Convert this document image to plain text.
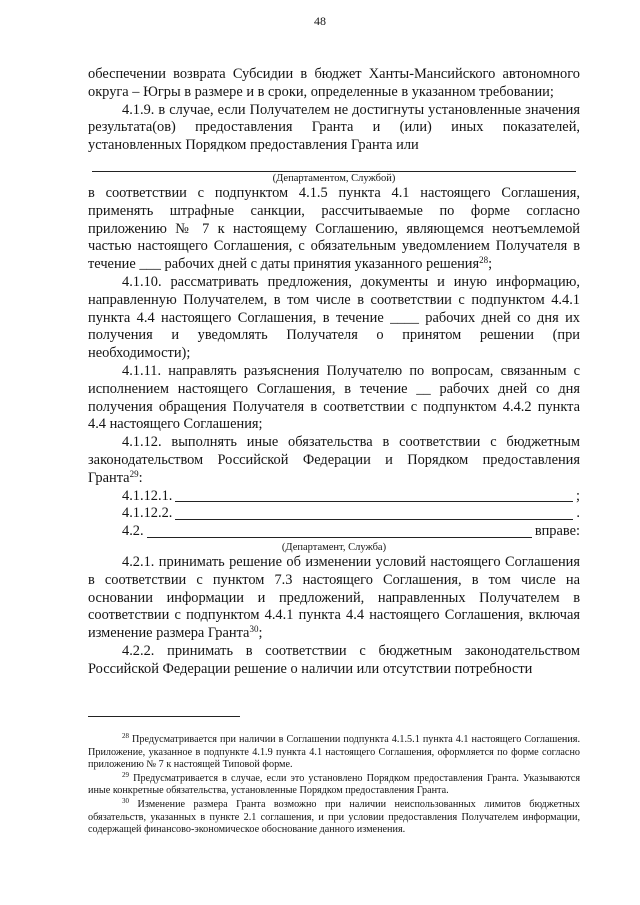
48

обеспечении возврата Субсидии в бюджет Ханты-Мансийского автономного округа – Югры в размере и в сроки, определенные в указанном требовании;

4.1.9. в случае, если Получателем не достигнуты установленные значения результата(ов) предоставления Гранта и (или) иных показателей, установленных Порядком предоставления Гранта или

(Департаментом, Службой)

в соответствии с подпунктом 4.1.5 пункта 4.1 настоящего Соглашения, применять штрафные санкции, рассчитываемые по форме согласно приложению № 7 к настоящему Соглашению, являющемся неотъемлемой частью настоящего Соглашения, с обязательным уведомлением Получателя в течение ___ рабочих дней с даты принятия указанного решения$^{28}$;

4.1.10. рассматривать предложения, документы и иную информацию, направленную Получателем, в том числе в соответствии с подпунктом 4.4.1 пункта 4.4 настоящего Соглашения, в течение ____ рабочих дней со дня их получения и уведомлять Получателя о принятом решении (при необходимости);

4.1.11. направлять разъяснения Получателю по вопросам, связанным с исполнением настоящего Соглашения, в течение __ рабочих дней со дня получения обращения Получателя в соответствии с подпунктом 4.4.2 пункта 4.4 настоящего Соглашения;

4.1.12. выполнять иные обязательства в соответствии с бюджетным законодательством Российской Федерации и Порядком предоставления Гранта$^{29}$:

4.1.12.1.	;
4.1.12.2.	.
4.2.	вправе:
(Департамент, Служба)

4.2.1. принимать решение об изменении условий настоящего Соглашения в соответствии с пунктом 7.3 настоящего Соглашения, в том числе на основании информации и предложений, направленных Получателем в соответствии с подпунктом 4.4.1 пункта 4.4 настоящего Соглашения, включая изменение размера Гранта$^{30}$;

4.2.2. принимать в соответствии с бюджетным законодательством Российской Федерации решение о наличии или отсутствии потребности

$^{28}$ Предусматривается при наличии в Соглашении подпункта 4.1.5.1 пункта 4.1 настоящего Соглашения. Приложение, указанное в подпункте 4.1.9 пункта 4.1 настоящего Соглашения, оформляется по форме согласно приложению № 7 к настоящей Типовой форме.

$^{29}$ Предусматривается в случае, если это установлено Порядком предоставления Гранта. Указываются иные конкретные обязательства, установленные Порядком предоставления Гранта.

$^{30}$ Изменение размера Гранта возможно при наличии неиспользованных лимитов бюджетных обязательств, указанных в пункте 2.1 соглашения, и при условии предоставления Получателем информации, содержащей финансово-экономическое обоснование данного изменения.
